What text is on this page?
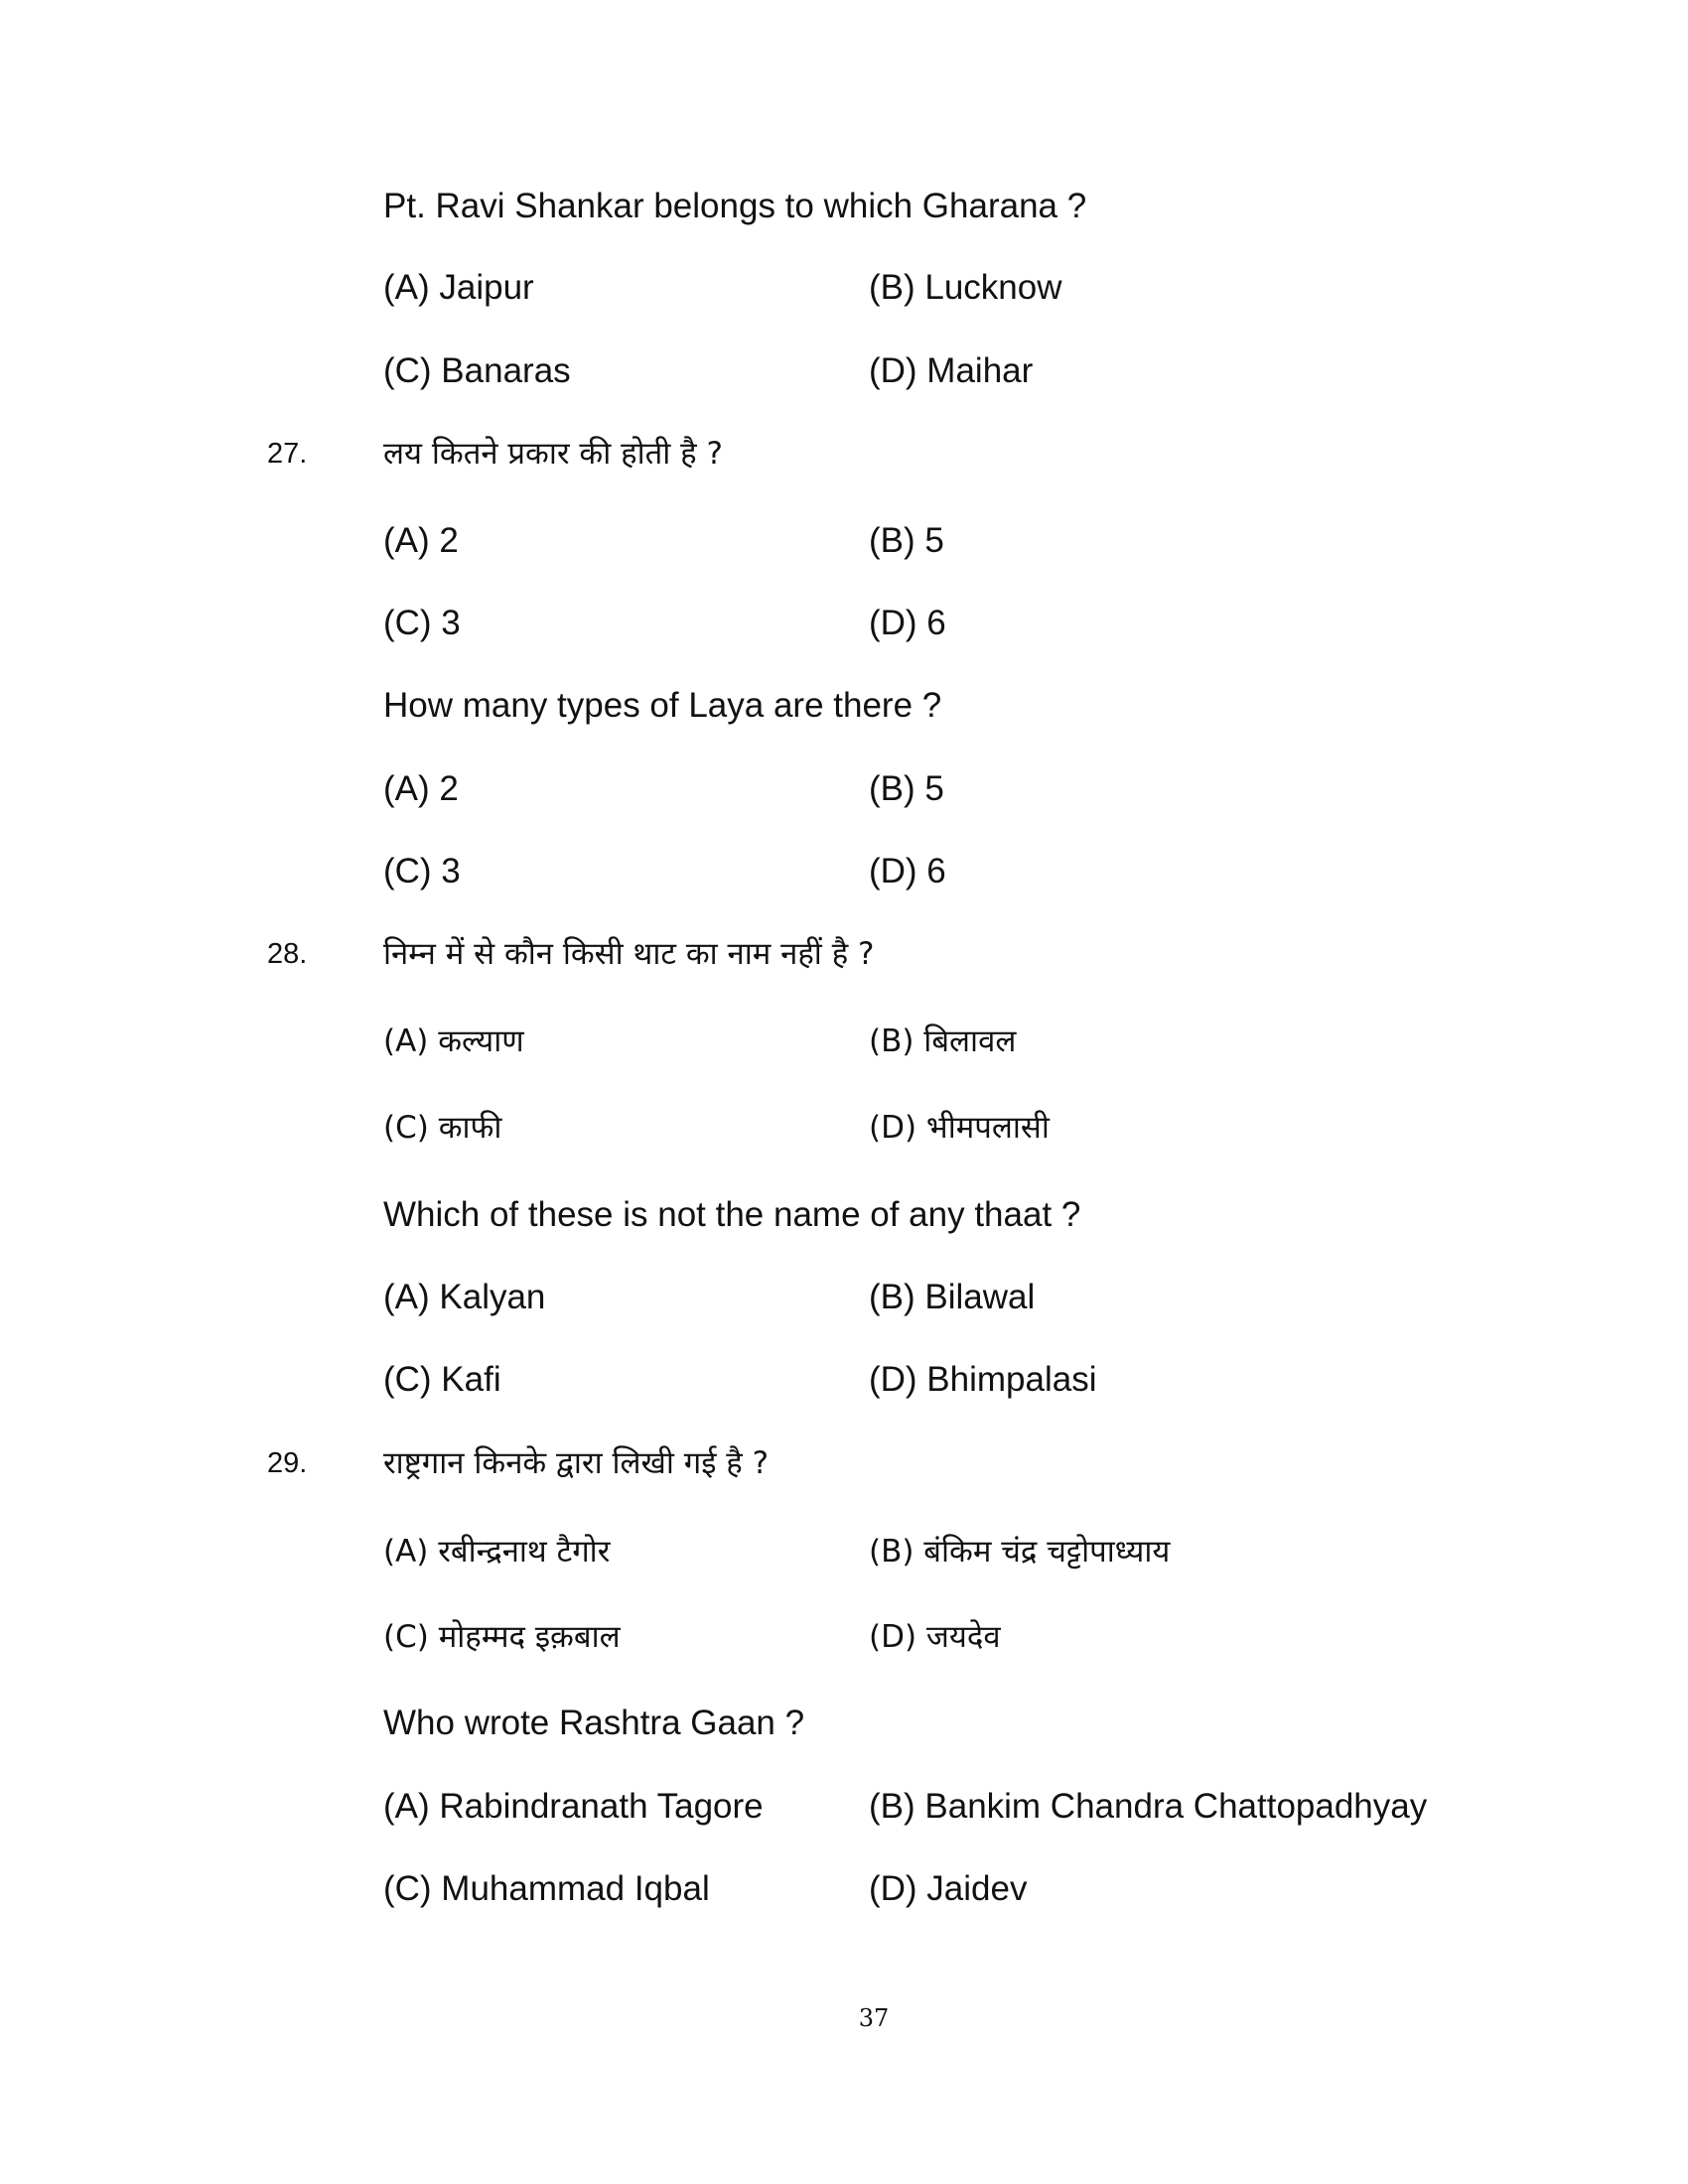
Pt. Ravi Shankar belongs to which Gharana ?
(A) Jaipur	(B) Lucknow
(C) Banaras	(D) Maihar
27. लय कितने प्रकार की होती है ?
(A) 2	(B) 5
(C) 3	(D) 6
How many types of Laya are there ?
(A) 2	(B) 5
(C) 3	(D) 6
28. निम्न में से कौन किसी थाट का नाम नहीं है ?
(A) कल्याण	(B) बिलावल
(C) काफी	(D) भीमपलासी
Which of these is not the name of any thaat ?
(A) Kalyan	(B) Bilawal
(C) Kafi	(D) Bhimpalasi
29. राष्ट्रगान किनके द्वारा लिखी गई है ?
(A) रबीन्द्रनाथ टैगोर	(B) बंकिम चंद्र चट्टोपाध्याय
(C) मोहम्मद इक़बाल	(D) जयदेव
Who wrote Rashtra Gaan ?
(A) Rabindranath Tagore	(B) Bankim Chandra Chattopadhyay
(C) Muhammad Iqbal	(D) Jaidev
37
